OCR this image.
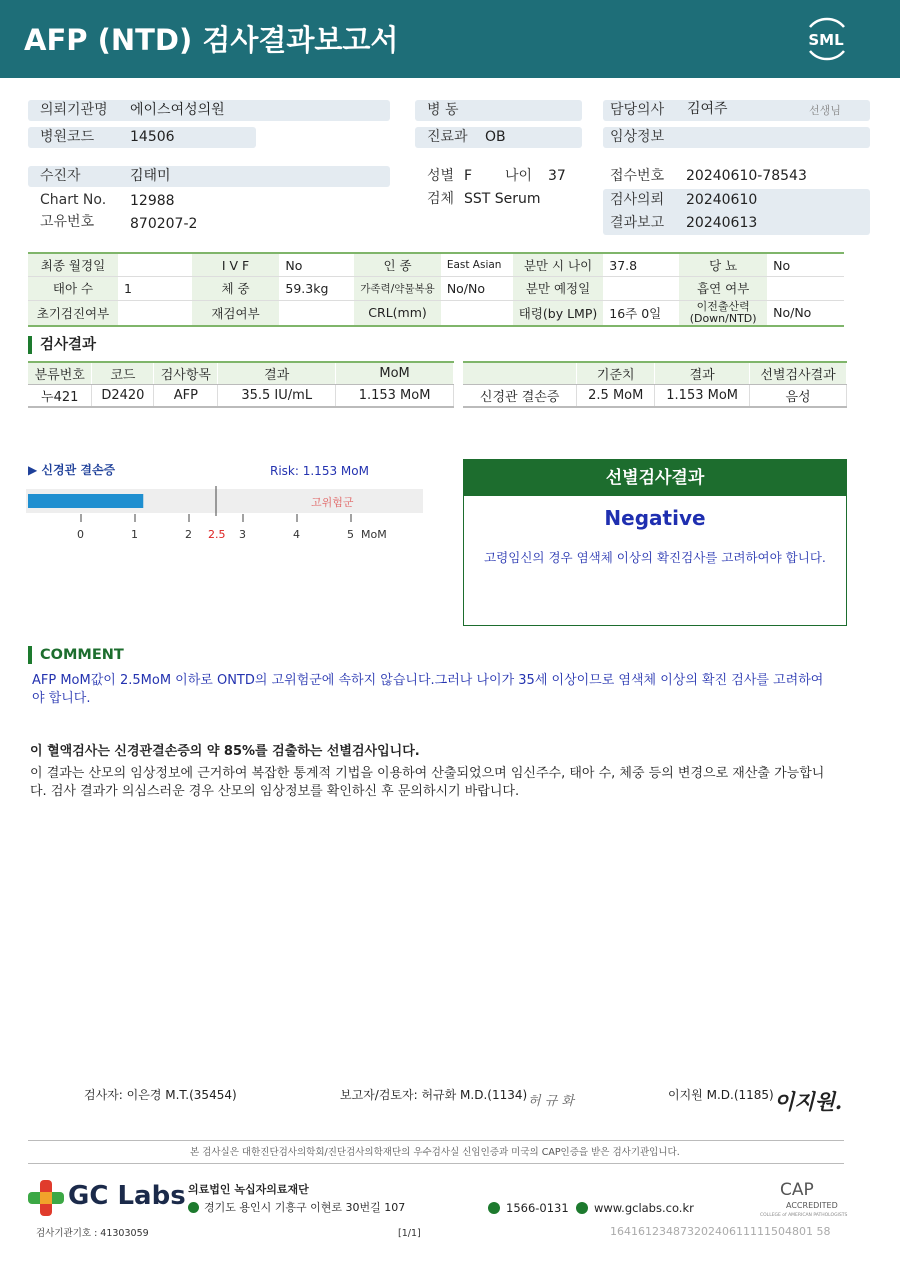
AFP (NTD) 검사결과보고서	SML
의뢰기관명 에이스여성의원
병원코드	14506
병 동
진료과 OB
담당의사 김여주	선생님
임상정보
수진자	김태미
Chart No. 12988
고유번호	870207-2
성별 F 나이 37
검체 SST Serum
접수번호 20240610-78543
검사의뢰 20240610
결과보고 20240613
최종 월경일		I V F	No	인 종	East Asian	분만 시 나이	37.8	당 뇨	No
태아 수	1	체 중	59.3kg	가족력/약물복용	No/No	분만 예정일		흡연 여부	
초기검진여부		재검여부		CRL(mm)		태령(by LMP)	16주 0일	이전출산력 (Down/NTD)	No/No
검사결과
분류번호	코드	검사항목	결과	MoM
누421	D2420	AFP	35.5 IU/mL	1.153 MoM
	기준치	결과	선별검사결과
신경관 결손증	2.5 MoM	1.153 MoM	음성
▶ 신경관 결손증	Risk: 1.153 MoM
고위험군
0	1	2 2.5 3	4	5 MoM
선별검사결과
Negative
고령임신의 경우 염색체 이상의 확진검사를 고려하여야 합니다.
COMMENT
AFP MoM값이 2.5MoM 이하로 ONTD의 고위험군에 속하지 않습니다.그러나 나이가 35세 이상이므로 염색체 이상의 확진 검사를 고려하여야 합니다.
이 혈액검사는 신경관결손증의 약 85%를 검출하는 선별검사입니다.
이 결과는 산모의 임상정보에 근거하여 복잡한 통계적 기법을 이용하여 산출되었으며 임신주수, 태아 수, 체중 등의 변경으로 재산출 가능합니다. 검사 결과가 의심스러운 경우 산모의 임상정보를 확인하신 후 문의하시기 바랍니다.
검사자: 이은경 M.T.(35454)	보고자/검토자: 허규화 M.D.(1134) 허 규 화	이지원 M.D.(1185) 이지원.
본 검사실은 대한진단검사의학회/진단검사의학재단의 우수검사실 신임인증과 미국의 CAP인증을 받은 검사기관입니다.
GC Labs 의료법인 녹십자의료재단
경기도 용인시 기흥구 이현로 30번길 107	1566-0131 www.gclabs.co.kr
CAP
ACCREDITED
COLLEGE of AMERICAN PATHOLOGISTS
검사기관기호 : 41303059	[1/1]	16416123487320240611111504801 58
